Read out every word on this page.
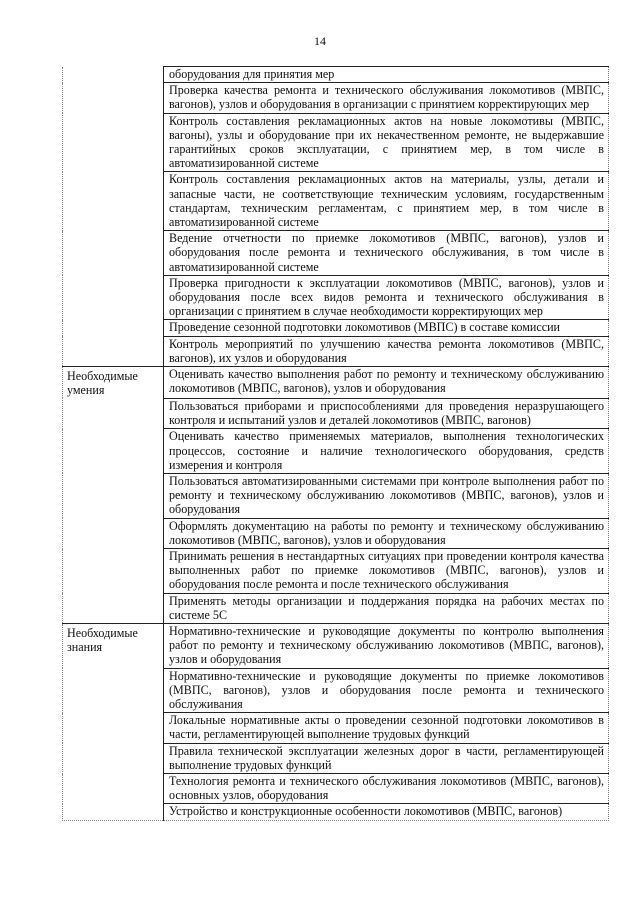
14
	оборудования для принятия мер

	Проверка качества ремонта и технического обслуживания локомотивов (МВПС, вагонов), узлов и оборудования в организации с принятием корректирующих мер

	Контроль составления рекламационных актов на новые локомотивы (МВПС, вагоны), узлы и оборудование при их некачественном ремонте, не выдержавшие гарантийных сроков эксплуатации, с принятием мер, в том числе в автоматизированной системе

	Контроль составления рекламационных актов на материалы, узлы, детали и запасные части, не соответствующие техническим условиям, государственным стандартам, техническим регламентам, с принятием мер, в том числе в автоматизированной системе

	Ведение отчетности по приемке локомотивов (МВПС, вагонов), узлов и оборудования после ремонта и технического обслуживания, в том числе в автоматизированной системе

	Проверка пригодности к эксплуатации локомотивов (МВПС, вагонов), узлов и оборудования после всех видов ремонта и технического обслуживания в организации с принятием в случае необходимости корректирующих мер

	Проведение сезонной подготовки локомотивов (МВПС) в составе комиссии

	Контроль мероприятий по улучшению качества ремонта локомотивов (МВПС, вагонов), их узлов и оборудования

Необходимые умения	Оценивать качество выполнения работ по ремонту и техническому обслуживанию локомотивов (МВПС, вагонов), узлов и оборудования

	Пользоваться приборами и приспособлениями для проведения неразрушающего контроля и испытаний узлов и деталей локомотивов (МВПС, вагонов)

	Оценивать качество применяемых материалов, выполнения технологических процессов, состояние и наличие технологического оборудования, средств измерения и контроля

	Пользоваться автоматизированными системами при контроле выполнения работ по ремонту и техническому обслуживанию локомотивов (МВПС, вагонов), узлов и оборудования

	Оформлять документацию на работы по ремонту и техническому обслуживанию локомотивов (МВПС, вагонов), узлов и оборудования

	Принимать решения в нестандартных ситуациях при проведении контроля качества выполненных работ по приемке локомотивов (МВПС, вагонов), узлов и оборудования после ремонта и после технического обслуживания

	Применять методы организации и поддержания порядка на рабочих местах по системе 5С

Необходимые знания	Нормативно-технические и руководящие документы по контролю выполнения работ по ремонту и техническому обслуживанию локомотивов (МВПС, вагонов), узлов и оборудования

	Нормативно-технические и руководящие документы по приемке локомотивов (МВПС, вагонов), узлов и оборудования после ремонта и технического обслуживания

	Локальные нормативные акты о проведении сезонной подготовки локомотивов в части, регламентирующей выполнение трудовых функций

	Правила технической эксплуатации железных дорог в части, регламентирующей выполнение трудовых функций

	Технология ремонта и технического обслуживания локомотивов (МВПС, вагонов), основных узлов, оборудования

	Устройство и конструкционные особенности локомотивов (МВПС, вагонов)
